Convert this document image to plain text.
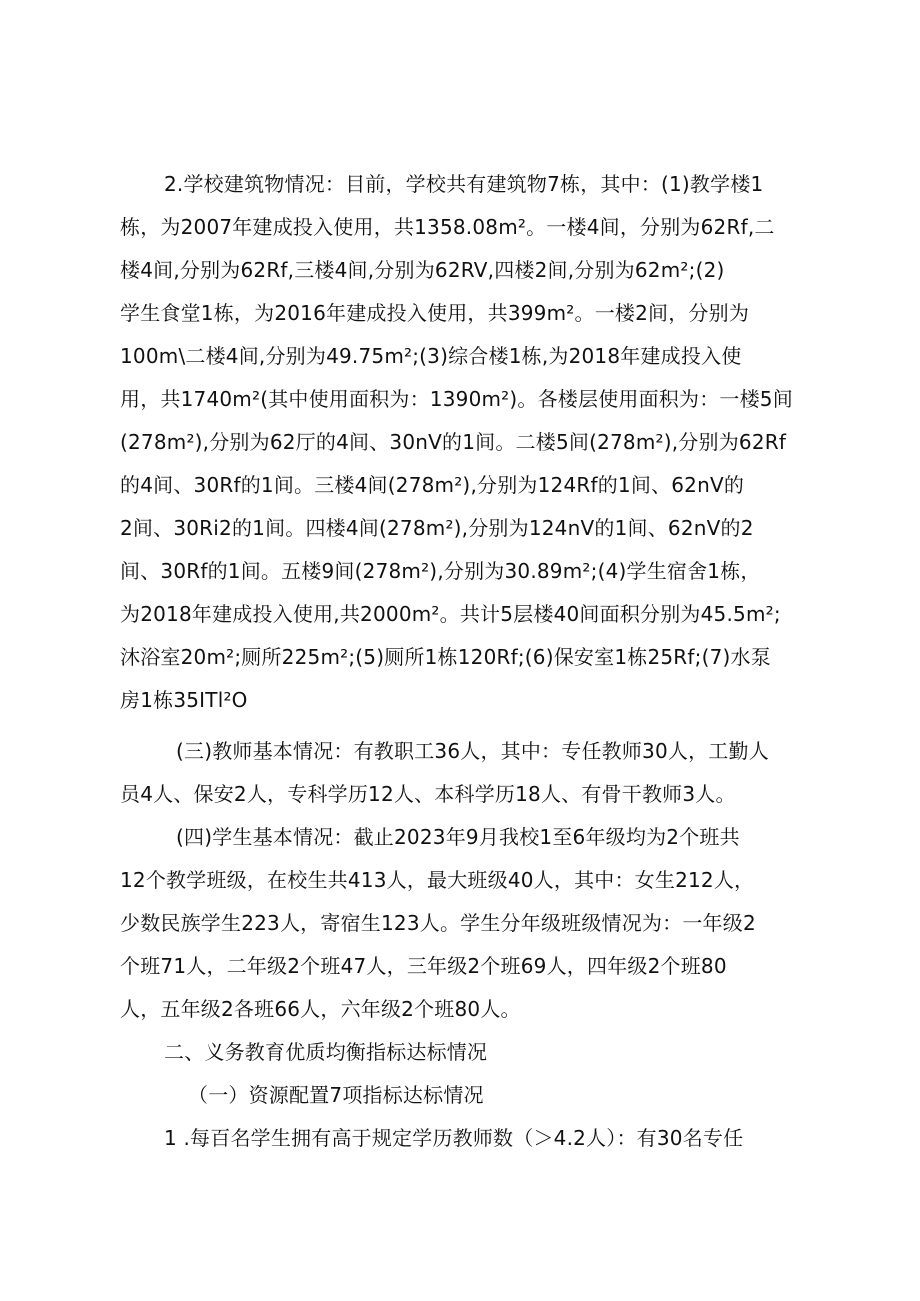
2.学校建筑物情况：目前，学校共有建筑物7栋，其中：(1)教学楼1
栋，为2007年建成投入使用，共1358.08m²。一楼4间，分别为62Rf,二
楼4间,分别为62Rf,三楼4间,分别为62RV,四楼2间,分别为62m²;(2)
学生食堂1栋，为2016年建成投入使用，共399m²。一楼2间，分别为
100m\二楼4间,分别为49.75m²;(3)综合楼1栋,为2018年建成投入使
用，共1740m²(其中使用面积为：1390m²)。各楼层使用面积为：一楼5间
(278m²),分别为62厅的4间、30nV的1间。二楼5间(278m²),分别为62Rf
的4间、30Rf的1间。三楼4间(278m²),分别为124Rf的1间、62nV的
2间、30Ri2的1间。四楼4间(278m²),分别为124nV的1间、62nV的2
间、30Rf的1间。五楼9间(278m²),分别为30.89m²;(4)学生宿舍1栋，
为2018年建成投入使用,共2000m²。共计5层楼40间面积分别为45.5m²;
沐浴室20m²;厕所225m²;(5)厕所1栋120Rf;(6)保安室1栋25Rf;(7)水泵
房1栋35ITl²O
(三)教师基本情况：有教职工36人，其中：专任教师30人，工勤人
员4人、保安2人，专科学历12人、本科学历18人、有骨干教师3人。
(四)学生基本情况：截止2023年9月我校1至6年级均为2个班共
12个教学班级，在校生共413人，最大班级40人，其中：女生212人，
少数民族学生223人，寄宿生123人。学生分年级班级情况为：一年级2
个班71人，二年级2个班47人，三年级2个班69人，四年级2个班80
人，五年级2各班66人，六年级2个班80人。
二、义务教育优质均衡指标达标情况
（一）资源配置7项指标达标情况
1 .每百名学生拥有高于规定学历教师数（＞4.2人）：有30名专任
